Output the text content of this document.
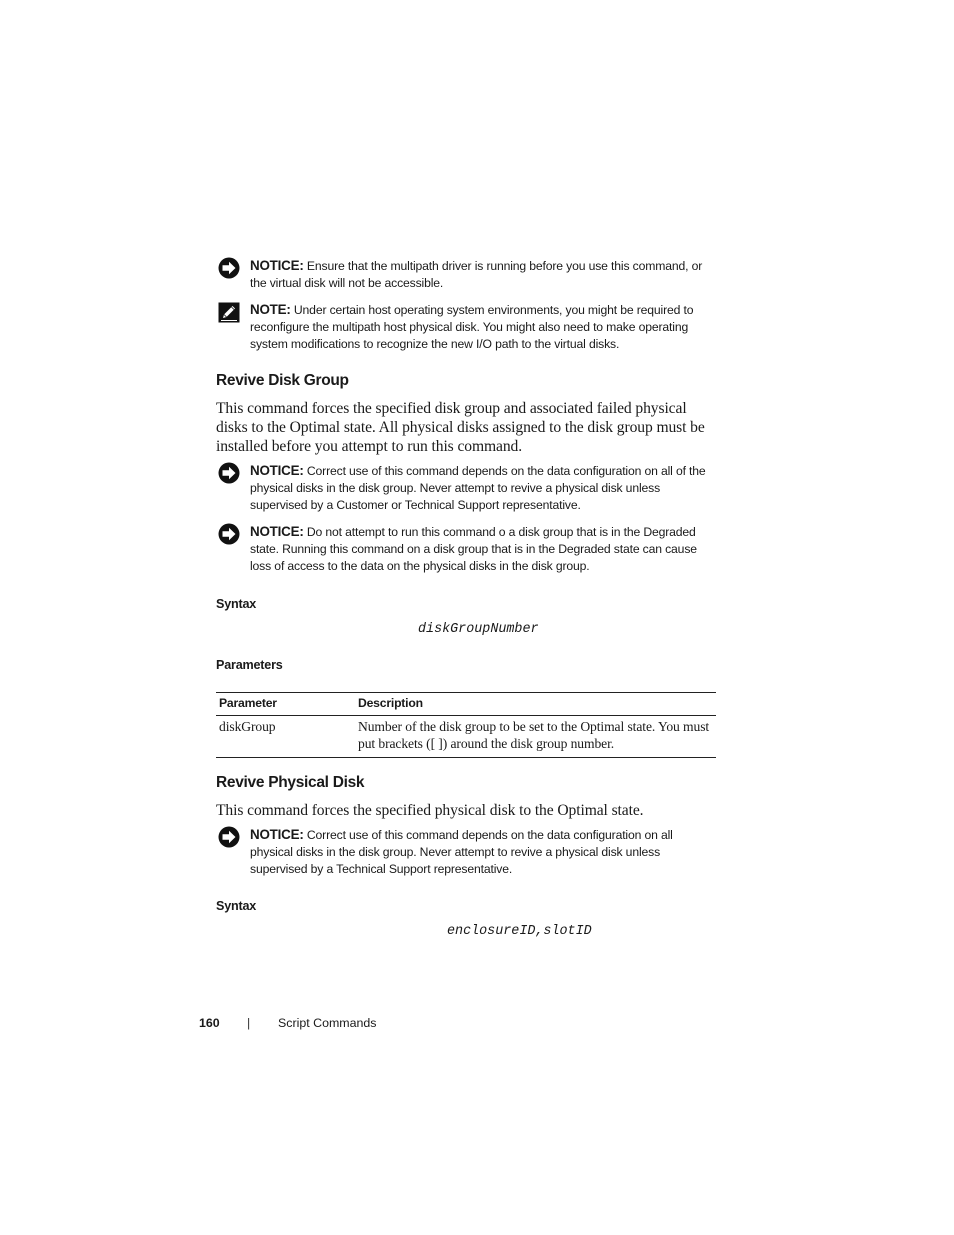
NOTICE: Ensure that the multipath driver is running before you use this command, or the virtual disk will not be accessible.
NOTE: Under certain host operating system environments, you might be required to reconfigure the multipath host physical disk. You might also need to make operating system modifications to recognize the new I/O path to the virtual disks.
Revive Disk Group
This command forces the specified disk group and associated failed physical disks to the Optimal state. All physical disks assigned to the disk group must be installed before you attempt to run this command.
NOTICE: Correct use of this command depends on the data configuration on all of the physical disks in the disk group. Never attempt to revive a physical disk unless supervised by a Customer or Technical Support representative.
NOTICE: Do not attempt to run this command o a disk group that is in the Degraded state. Running this command on a disk group that is in the Degraded state can cause loss of access to the data on the physical disks in the disk group.
Syntax
diskGroupNumber
Parameters
Parameter	Description
diskGroup	Number of the disk group to be set to the Optimal state. You must put brackets ([ ]) around the disk group number.
Revive Physical Disk
This command forces the specified physical disk to the Optimal state.
NOTICE: Correct use of this command depends on the data configuration on all physical disks in the disk group. Never attempt to revive a physical disk unless supervised by a Technical Support representative.
Syntax
enclosureID,slotID
160 | Script Commands
